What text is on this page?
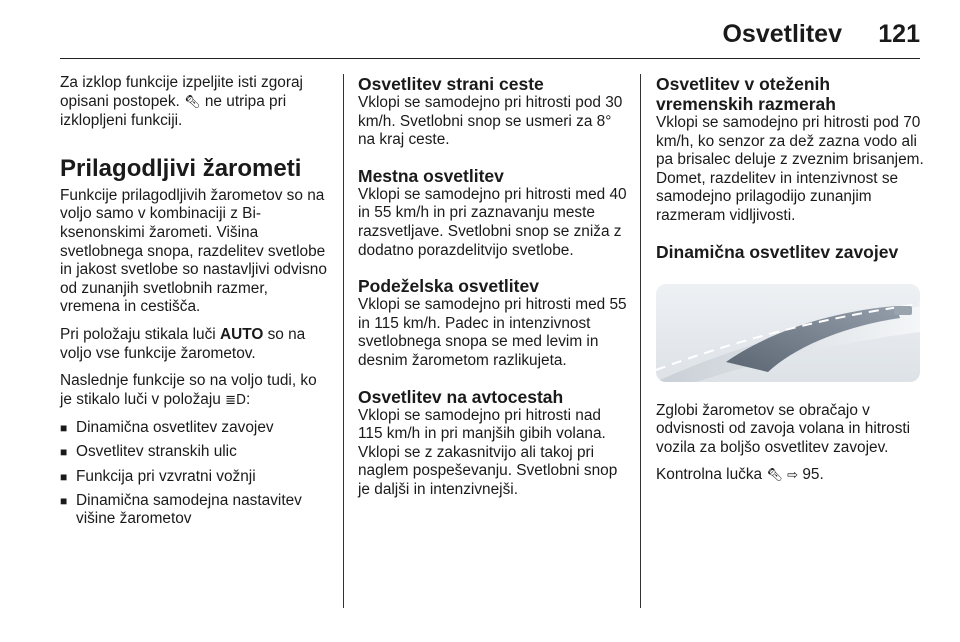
Osvetlitev 121

Za izklop funkcije izpeljite isti zgoraj opisani postopek. 🔦︎ ne utripa pri izklopljeni funkciji.

Prilagodljivi žarometi

Funkcije prilagodljivih žarometov so na voljo samo v kombinaciji z Bi-ksenonskimi žarometi. Višina svetlobnega snopa, razdelitev svetlobe in jakost svetlobe so nastavljivi odvisno od zunanjih svetlobnih razmer, vremena in cestišča.

Pri položaju stikala luči AUTO so na voljo vse funkcije žarometov.

Naslednje funkcije so na voljo tudi, ko je stikalo luči v položaju ≣D:

■ Dinamična osvetlitev zavojev
■ Osvetlitev stranskih ulic
■ Funkcija pri vzvratni vožnji
■ Dinamična samodejna nastavitev višine žarometov
Osvetlitev strani ceste

Vklopi se samodejno pri hitrosti pod 30 km/h. Svetlobni snop se usmeri za 8° na kraj ceste.

Mestna osvetlitev

Vklopi se samodejno pri hitrosti med 40 in 55 km/h in pri zaznavanju meste razsvetljave. Svetlobni snop se zniža z dodatno porazdelitvijo svetlobe.

Podeželska osvetlitev

Vklopi se samodejno pri hitrosti med 55 in 115 km/h. Padec in intenzivnost svetlobnega snopa se med levim in desnim žarometom razlikujeta.

Osvetlitev na avtocestah

Vklopi se samodejno pri hitrosti nad 115 km/h in pri manjših gibih volana. Vklopi se z zakasnitvijo ali takoj pri naglem pospeševanju. Svetlobni snop je daljši in intenzivnejši.

Osvetlitev v oteženih vremenskih razmerah

Vklopi se samodejno pri hitrosti pod 70 km/h, ko senzor za dež zazna vodo ali pa brisalec deluje z zveznim brisanjem. Domet, razdelitev in intenzivnost se samodejno prilagodijo zunanjim razmeram vidljivosti.

Dinamična osvetlitev zavojev

Zglobi žarometov se obračajo v odvisnosti od zavoja volana in hitrosti vozila za boljšo osvetlitev zavojev.

Kontrolna lučka 🔦︎ ⇨ 95.
